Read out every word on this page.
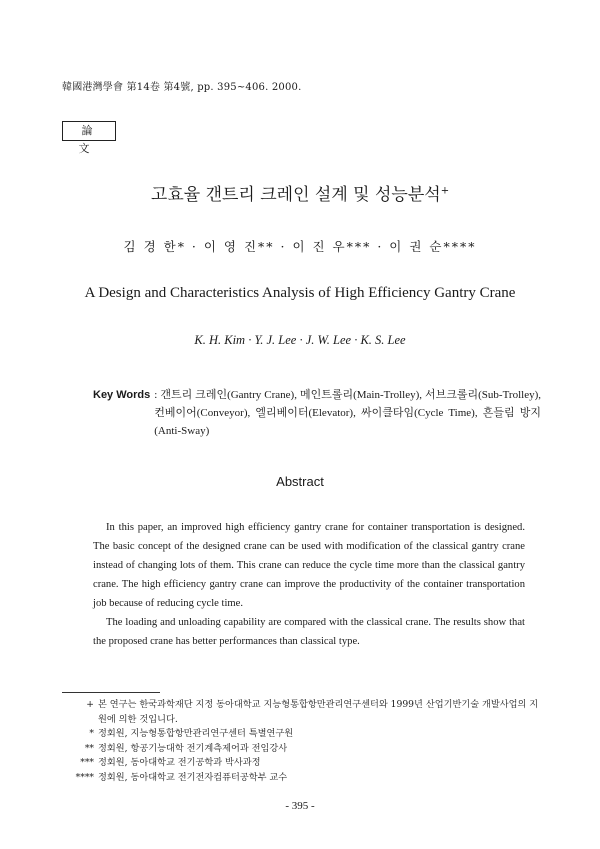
韓國港灣學會 第14卷 第4號, pp. 395~406. 2000.
論 文
고효율 갠트리 크레인 설계 및 성능분석+
김 경 한* · 이 영 진** · 이 진 우*** · 이 권 순****
A Design and Characteristics Analysis of High Efficiency Gantry Crane
K. H. Kim · Y. J. Lee · J. W. Lee · K. S. Lee
Key Words : 갠트리 크레인(Gantry Crane), 메인트롤리(Main-Trolley), 서브크롤리(Sub-Trolley), 컨베이어(Conveyor), 엘리베이터(Elevator), 싸이클타임(Cycle Time), 흔들림 방지(Anti-Sway)
Abstract

In this paper, an improved high efficiency gantry crane for container transportation is designed. The basic concept of the designed crane can be used with modification of the classical gantry crane instead of changing lots of them. This crane can reduce the cycle time more than the classical gantry crane. The high efficiency gantry crane can improve the productivity of the container transportation job because of reducing cycle time.

The loading and unloading capability are compared with the classical crane. The results show that the proposed crane has better performances than classical type.

+ 본 연구는 한국과학재단 지정 동아대학교 지능형통합항만관리연구센터와 1999년 산업기반기술 개발사업의 지원에 의한 것입니다.
* 정회원, 지능형통합항만관리연구센터 특별연구원
** 정회원, 항공기능대학 전기계측제어과 전임강사
*** 정회원, 동아대학교 전기공학과 박사과정
**** 정회원, 동아대학교 전기전자컴퓨터공학부 교수
- 395 -
